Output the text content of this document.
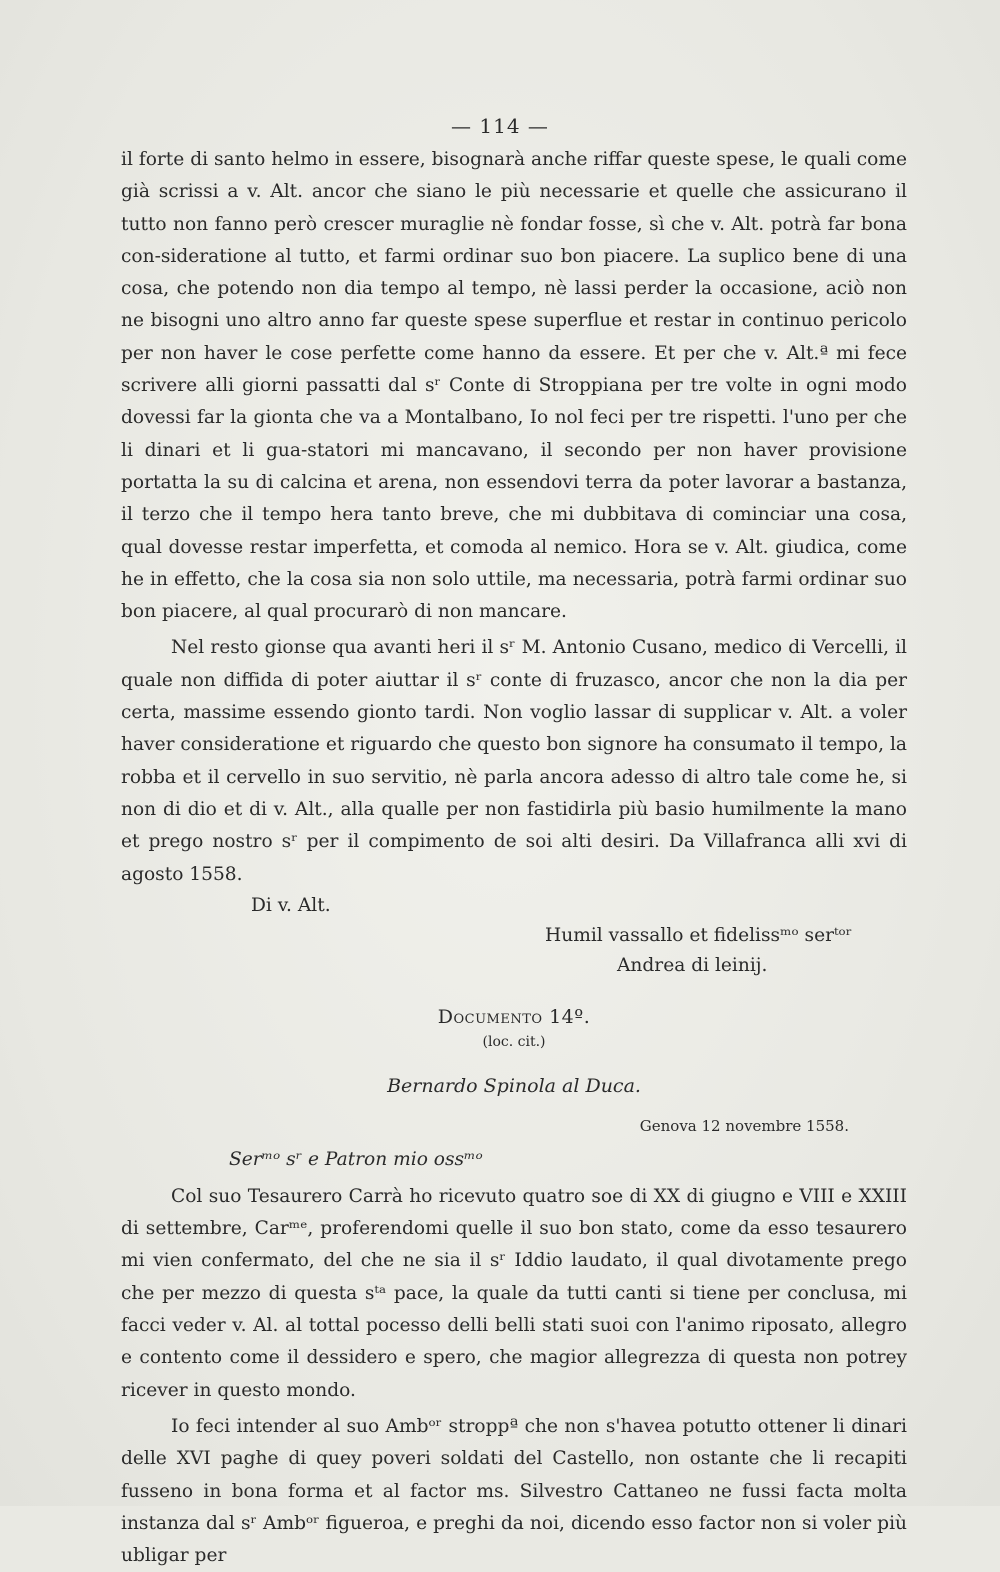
— 114 —

il forte di santo helmo in essere, bisognarà anche riffar queste spese, le quali come già scrissi a v. Alt. ancor che siano le più necessarie et quelle che assicurano il tutto non fanno però crescer muraglie nè fondar fosse, sì che v. Alt. potrà far bona con-siderationе al tutto, et farmi ordinar suo bon piacere. La suplico bene di una cosa, che potendo non dia tempo al tempo, nè lassi perder la occasione, aciò non ne bisogni uno altro anno far queste spese superflue et restar in continuo pericolo per non haver le cose perfette come hanno da essere. Et per che v. Alt.ª mi fece scrivere alli giorni passatti dal sʳ Conte di Stroppiana per tre volte in ogni modo dovessi far la gionta che va a Montalbano, Io nol feci per tre rispetti. l'uno per che li dinari et li gua-statori mi mancavano, il secondo per non haver provisione portatta la su di calcina et arena, non essendovi terra da poter lavorar a bastanza, il terzo che il tempo hera tanto breve, che mi dubbitava di cominciar una cosa, qual dovesse restar imperfetta, et comoda al nemico. Hora se v. Alt. giudica, come he in effetto, che la cosa sia non solo uttile, ma necessaria, potrà farmi ordinar suo bon piacere, al qual procurarò di non mancare.

Nel resto gionse qua avanti heri il sʳ M. Antonio Cusano, medico di Vercelli, il quale non diffida di poter aiuttar il sʳ conte di fruzasco, ancor che non la dia per certa, massime essendo gionto tardi. Non voglio lassar di supplicar v. Alt. a voler haver consideratione et riguardo che questo bon signore ha consumato il tempo, la robba et il cervello in suo servitio, nè parla ancora adesso di altro tale come he, si non di dio et di v. Alt., alla qualle per non fastidirla più basio humilmente la mano et prego nostro sʳ per il compimento de soi alti desiri. Da Villafranca alli xvi di agosto 1558.

Di v. Alt.
Humil vassallo et fidelissᵐᵒ serᵗᵒʳ
Andrea di leinij.
Documento 14º.
(loc. cit.)
Bernardo Spinola al Duca.
Genova 12 novembre 1558.
Serᵐᵒ sʳ e Patron mio ossᵐᵒ

Col suo Tesaurero Carrà ho ricevuto quatro soe di XX di giugno e VIII e XXIII di settembre, Carᵐᵉ, proferendomi quelle il suo bon stato, come da esso tesaurero mi vien confermato, del che ne sia il sʳ Iddio laudato, il qual divotamente prego che per mezzo di questa sᵗᵃ pace, la quale da tutti canti si tiene per conclusa, mi facci veder v. Al. al tottal pocesso delli belli stati suoi con l'animo riposato, allegro e contento come il dessidero e spero, che magior allegrezza di questa non potrey ricever in questo mondo.

Io feci intender al suo Ambᵒʳ stroppª che non s'havea potutto ottener li dinari delle XVI paghe di quey poveri soldati del Castello, non ostante che li recapiti fusseno in bona forma et al factor ms. Silvestro Cattaneo ne fussi facta molta instanza dal sʳ Ambᵒʳ figueroa, e preghi da noi, dicendo esso factor non si voler più ubligar per
